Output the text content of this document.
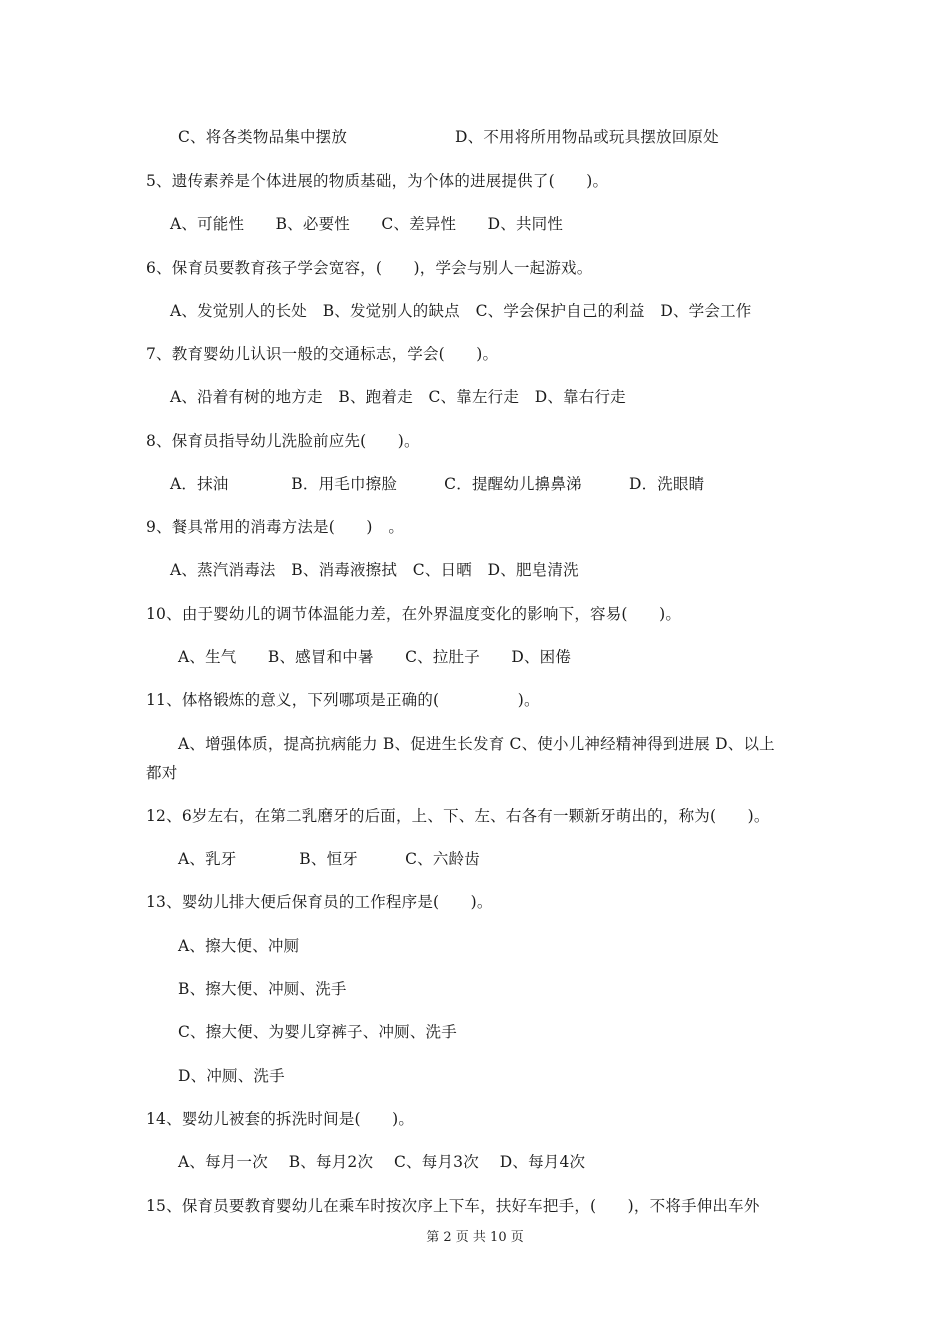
C、将各类物品集中摆放	D、不用将所用物品或玩具摆放回原处
5、遗传素养是个体进展的物质基础，为个体的进展提供了(　　)。
A、可能性　　B、必要性　　C、差异性　　D、共同性
6、保育员要教育孩子学会宽容，(　　)，学会与别人一起游戏。
A、发觉别人的长处　B、发觉别人的缺点　C、学会保护自己的利益　D、学会工作
7、教育婴幼儿认识一般的交通标志，学会(　　)。
A、沿着有树的地方走　B、跑着走　C、靠左行走　D、靠右行走
8、保育员指导幼儿洗脸前应先(　　)。
A．抹油　　　　B．用毛巾擦脸　　　C．提醒幼儿擤鼻涕　　　D．洗眼睛
9、餐具常用的消毒方法是(　　)　。
A、蒸汽消毒法　B、消毒液擦拭　C、日晒　D、肥皂清洗
10、由于婴幼儿的调节体温能力差，在外界温度变化的影响下，容易(　　)。
A、生气　　B、感冒和中暑　　C、拉肚子　　D、困倦
11、体格锻炼的意义，下列哪项是正确的(　　　　　)。
A、增强体质，提高抗病能力 B、促进生长发育 C、使小儿神经精神得到进展 D、以上
都对
12、6岁左右，在第二乳磨牙的后面，上、下、左、右各有一颗新牙萌出的，称为(　　)。
A、乳牙　　　　B、恒牙　　　C、六龄齿
13、婴幼儿排大便后保育员的工作程序是(　　)。
A、擦大便、冲厕
B、擦大便、冲厕、洗手
C、擦大便、为婴儿穿裤子、冲厕、洗手
D、冲厕、洗手
14、婴幼儿被套的拆洗时间是(　　)。
A、每月一次　 B、每月2次　 C、每月3次　 D、每月4次
15、保育员要教育婴幼儿在乘车时按次序上下车，扶好车把手，(　　)，不将手伸出车外
第 2 页 共 10 页
